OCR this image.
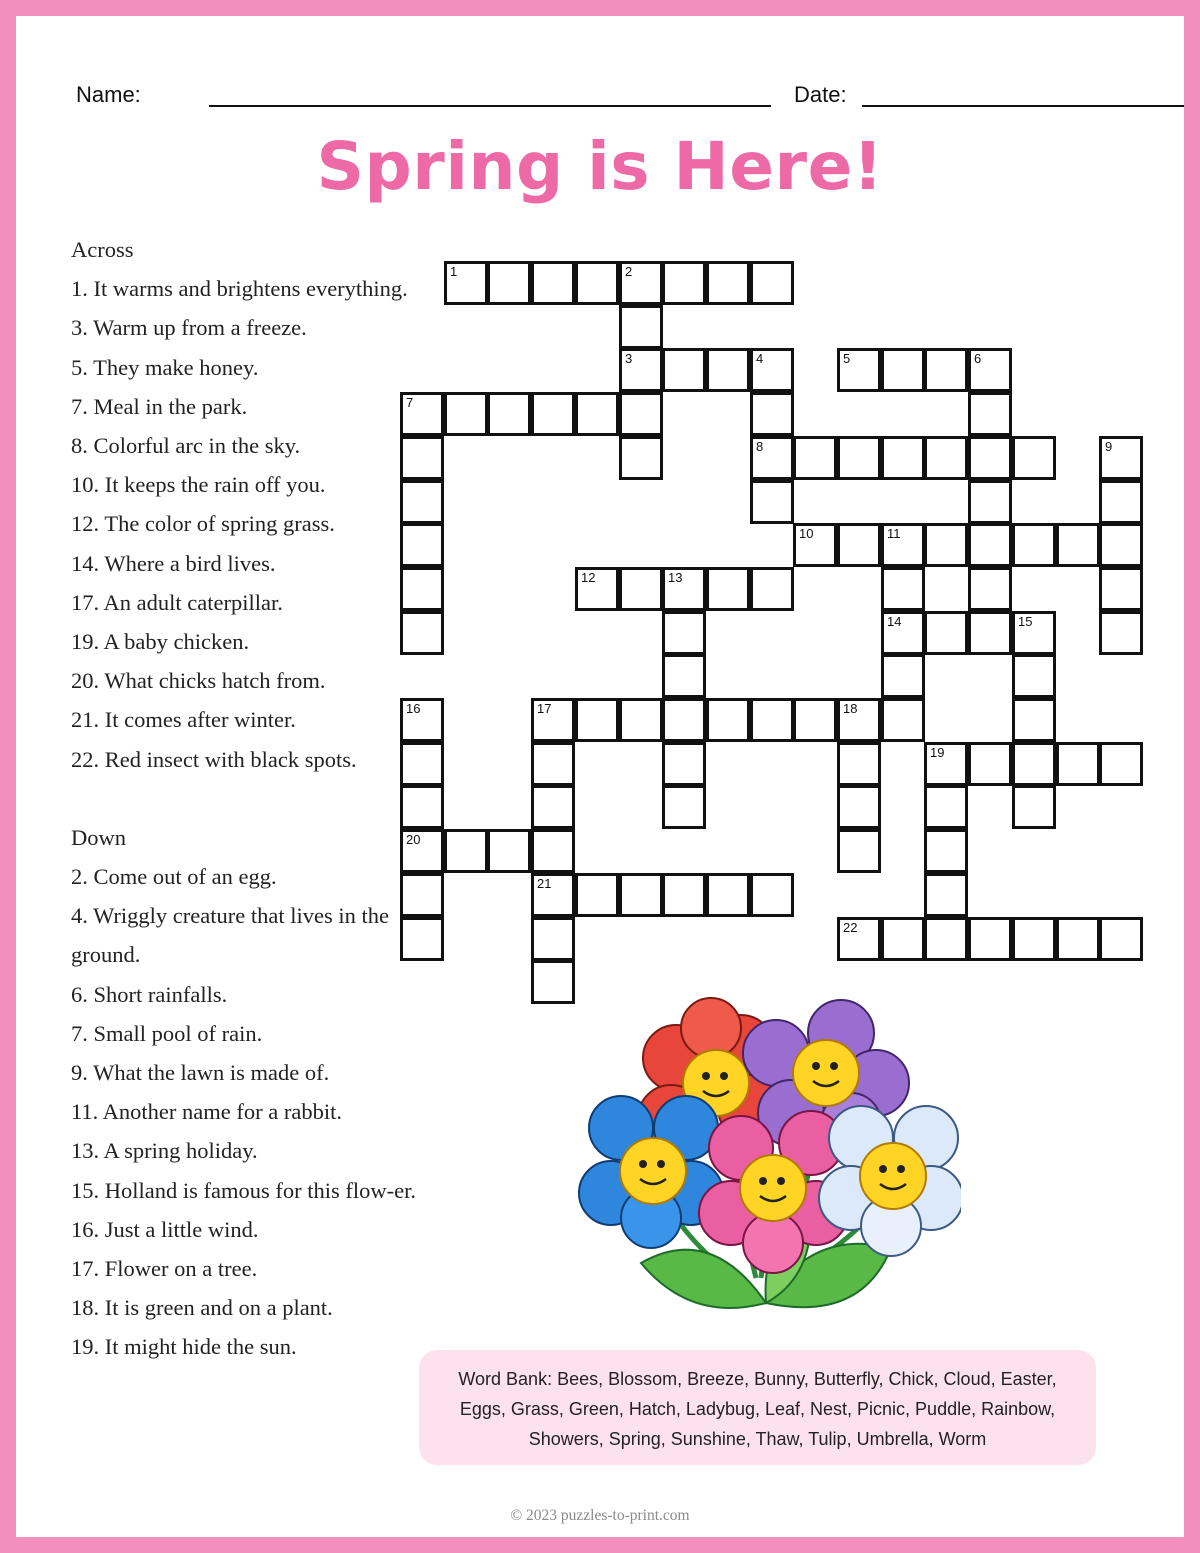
Name:	Date:
Spring is Here!
Across
1. It warms and brightens everything.
3. Warm up from a freeze.
5. They make honey.
7. Meal in the park.
8. Colorful arc in the sky.
10. It keeps the rain off you.
12. The color of spring grass.
14. Where a bird lives.
17. An adult caterpillar.
19. A baby chicken.
20. What chicks hatch from.
21. It comes after winter.
22. Red insect with black spots.
Down
2. Come out of an egg.
4. Wriggly creature that lives in the ground.
6. Short rainfalls.
7. Small pool of rain.
9. What the lawn is made of.
11. Another name for a rabbit.
13. A spring holiday.
15. Holland is famous for this flow-er.
16. Just a little wind.
17. Flower on a tree.
18. It is green and on a plant.
19. It might hide the sun.
1	2
3	4
8
5	6
7
9
10	11
14
12	13
15
16
20
17	18
21
19
22
Word Bank: Bees, Blossom, Breeze, Bunny, Butterfly, Chick, Cloud, Easter, Eggs, Grass, Green, Hatch, Ladybug, Leaf, Nest, Picnic, Puddle, Rainbow, Showers, Spring, Sunshine, Thaw, Tulip, Umbrella, Worm
© 2023 puzzles-to-print.com
